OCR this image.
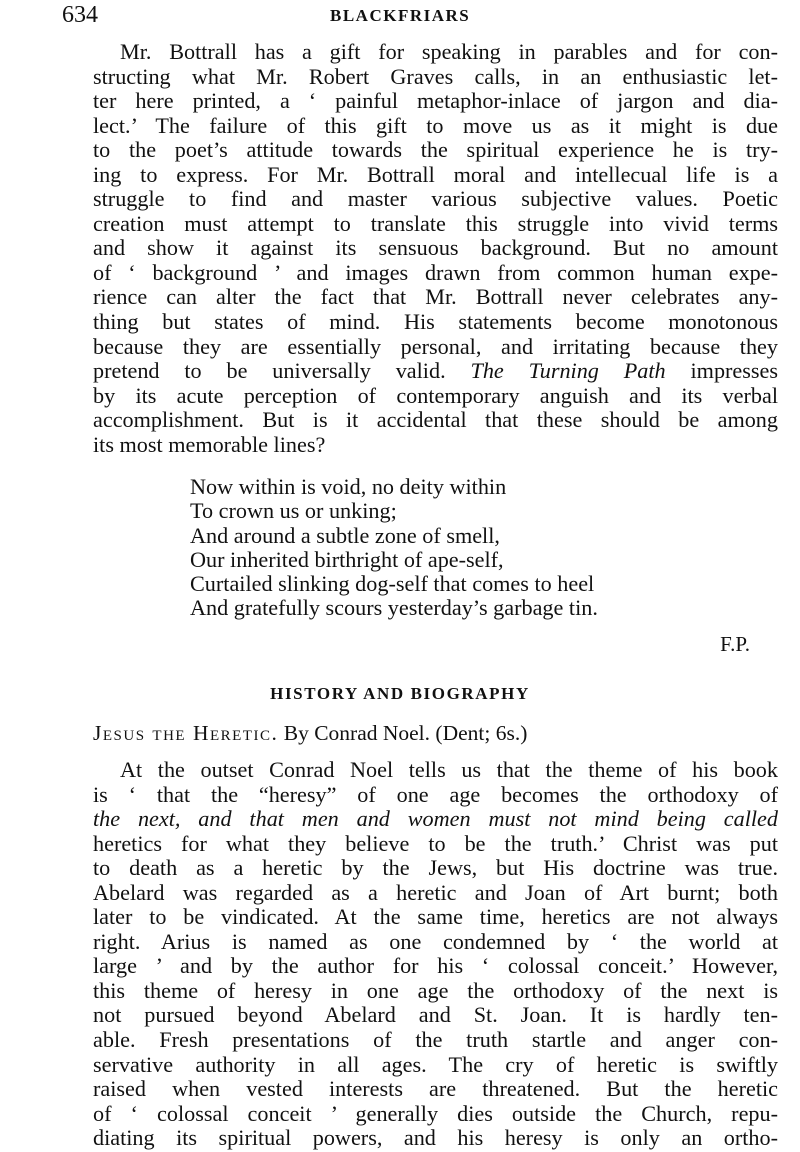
634	BLACKFRIARS
Mr. Bottrall has a gift for speaking in parables and for con-
structing what Mr. Robert Graves calls, in an enthusiastic let-
ter here printed, a ‘ painful metaphor-inlace of jargon and dia-
lect.’ The failure of this gift to move us as it might is due
to the poet’s attitude towards the spiritual experience he is try-
ing to express. For Mr. Bottrall moral and intellecual life is a
struggle to find and master various subjective values. Poetic
creation must attempt to translate this struggle into vivid terms
and show it against its sensuous background. But no amount
of ‘ background ’ and images drawn from common human expe-
rience can alter the fact that Mr. Bottrall never celebrates any-
thing but states of mind. His statements become monotonous
because they are essentially personal, and irritating because they
pretend to be universally valid. The Turning Path impresses
by its acute perception of contemporary anguish and its verbal
accomplishment. But is it accidental that these should be among
its most memorable lines?
Now within is void, no deity within
To crown us or unking;
And around a subtle zone of smell,
Our inherited birthright of ape-self,
Curtailed slinking dog-self that comes to heel
And gratefully scours yesterday’s garbage tin.
F.P.
HISTORY AND BIOGRAPHY
Jesus the Heretic. By Conrad Noel. (Dent; 6s.)
At the outset Conrad Noel tells us that the theme of his book
is ‘ that the “heresy” of one age becomes the orthodoxy of
the next, and that men and women must not mind being called
heretics for what they believe to be the truth.’ Christ was put
to death as a heretic by the Jews, but His doctrine was true.
Abelard was regarded as a heretic and Joan of Art burnt; both
later to be vindicated. At the same time, heretics are not always
right. Arius is named as one condemned by ‘ the world at
large ’ and by the author for his ‘ colossal conceit.’ However,
this theme of heresy in one age the orthodoxy of the next is
not pursued beyond Abelard and St. Joan. It is hardly ten-
able. Fresh presentations of the truth startle and anger con-
servative authority in all ages. The cry of heretic is swiftly
raised when vested interests are threatened. But the heretic
of ‘ colossal conceit ’ generally dies outside the Church, repu-
diating its spiritual powers, and his heresy is only an ortho-
